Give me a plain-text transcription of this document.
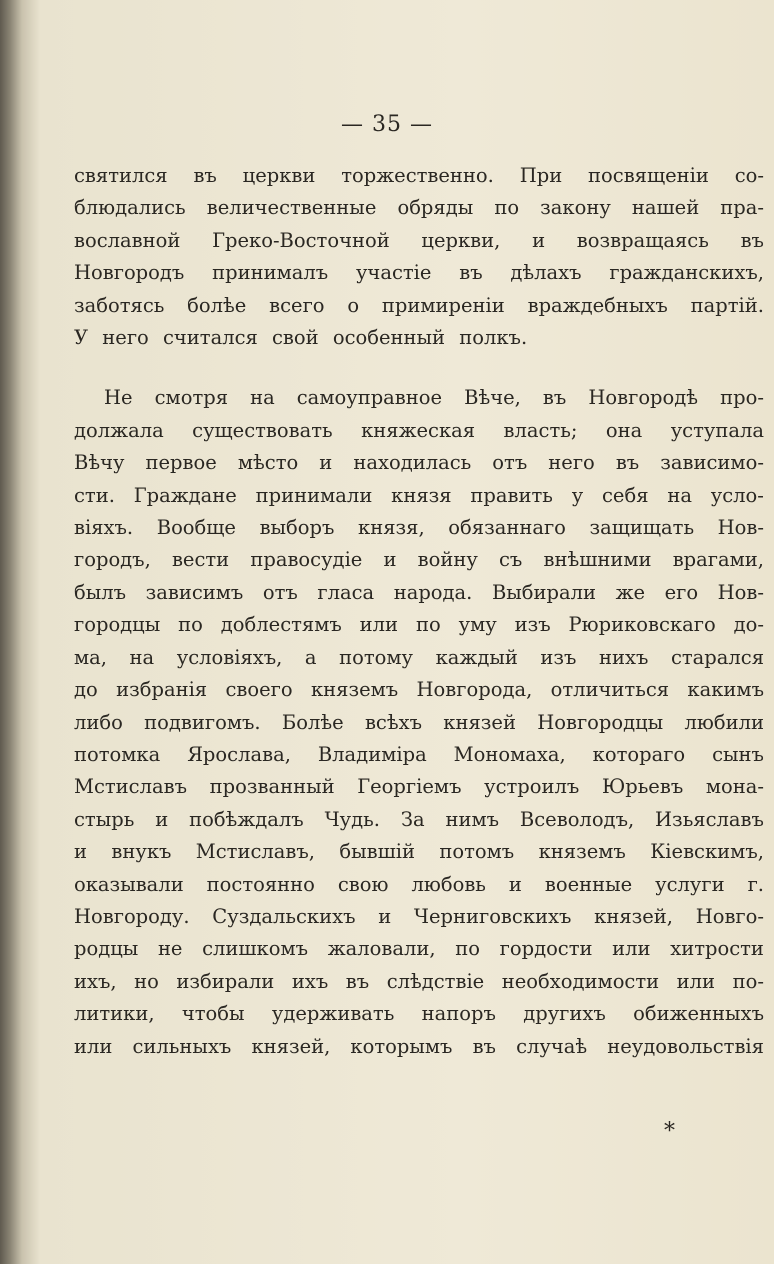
— 35 —
святился въ церкви торжественно. При посвященіи со-
блюдались величественные обряды по закону нашей пра-
вославной Греко-Восточной церкви, и возвращаясь въ
Новгородъ принималъ участіе въ дѣлахъ гражданскихъ,
заботясь болѣе всего о примиреніи враждебныхъ партій.
У него считался свой особенный полкъ.
Не смотря на самоуправное Вѣче, въ Новгородѣ про-
должала существовать княжеская власть; она уступала
Вѣчу первое мѣсто и находилась отъ него въ зависимо-
сти. Граждане принимали князя править у себя на усло-
віяхъ. Вообще выборъ князя, обязаннаго защищать Нов-
городъ, вести правосудіе и войну съ внѣшними врагами,
былъ зависимъ отъ гласа народа. Выбирали же его Нов-
городцы по доблестямъ или по уму изъ Рюриковскаго до-
ма, на условіяхъ, а потому каждый изъ нихъ старался
до избранія своего княземъ Новгорода, отличиться какимъ
либо подвигомъ. Болѣе всѣхъ князей Новгородцы любили
потомка Ярослава, Владиміра Мономаха, котораго сынъ
Мстиславъ прозванный Георгіемъ устроилъ Юрьевъ мона-
стырь и побѣждалъ Чудь. За нимъ Всеволодъ, Изьяславъ
и внукъ Мстиславъ, бывшій потомъ княземъ Кіевскимъ,
оказывали постоянно свою любовь и военные услуги г.
Новгороду. Суздальскихъ и Черниговскихъ князей, Новго-
родцы не слишкомъ жаловали, по гордости или хитрости
ихъ, но избирали ихъ въ слѣдствіе необходимости или по-
литики, чтобы удерживать напоръ другихъ обиженныхъ
или сильныхъ князей, которымъ въ случаѣ неудовольствія
*
